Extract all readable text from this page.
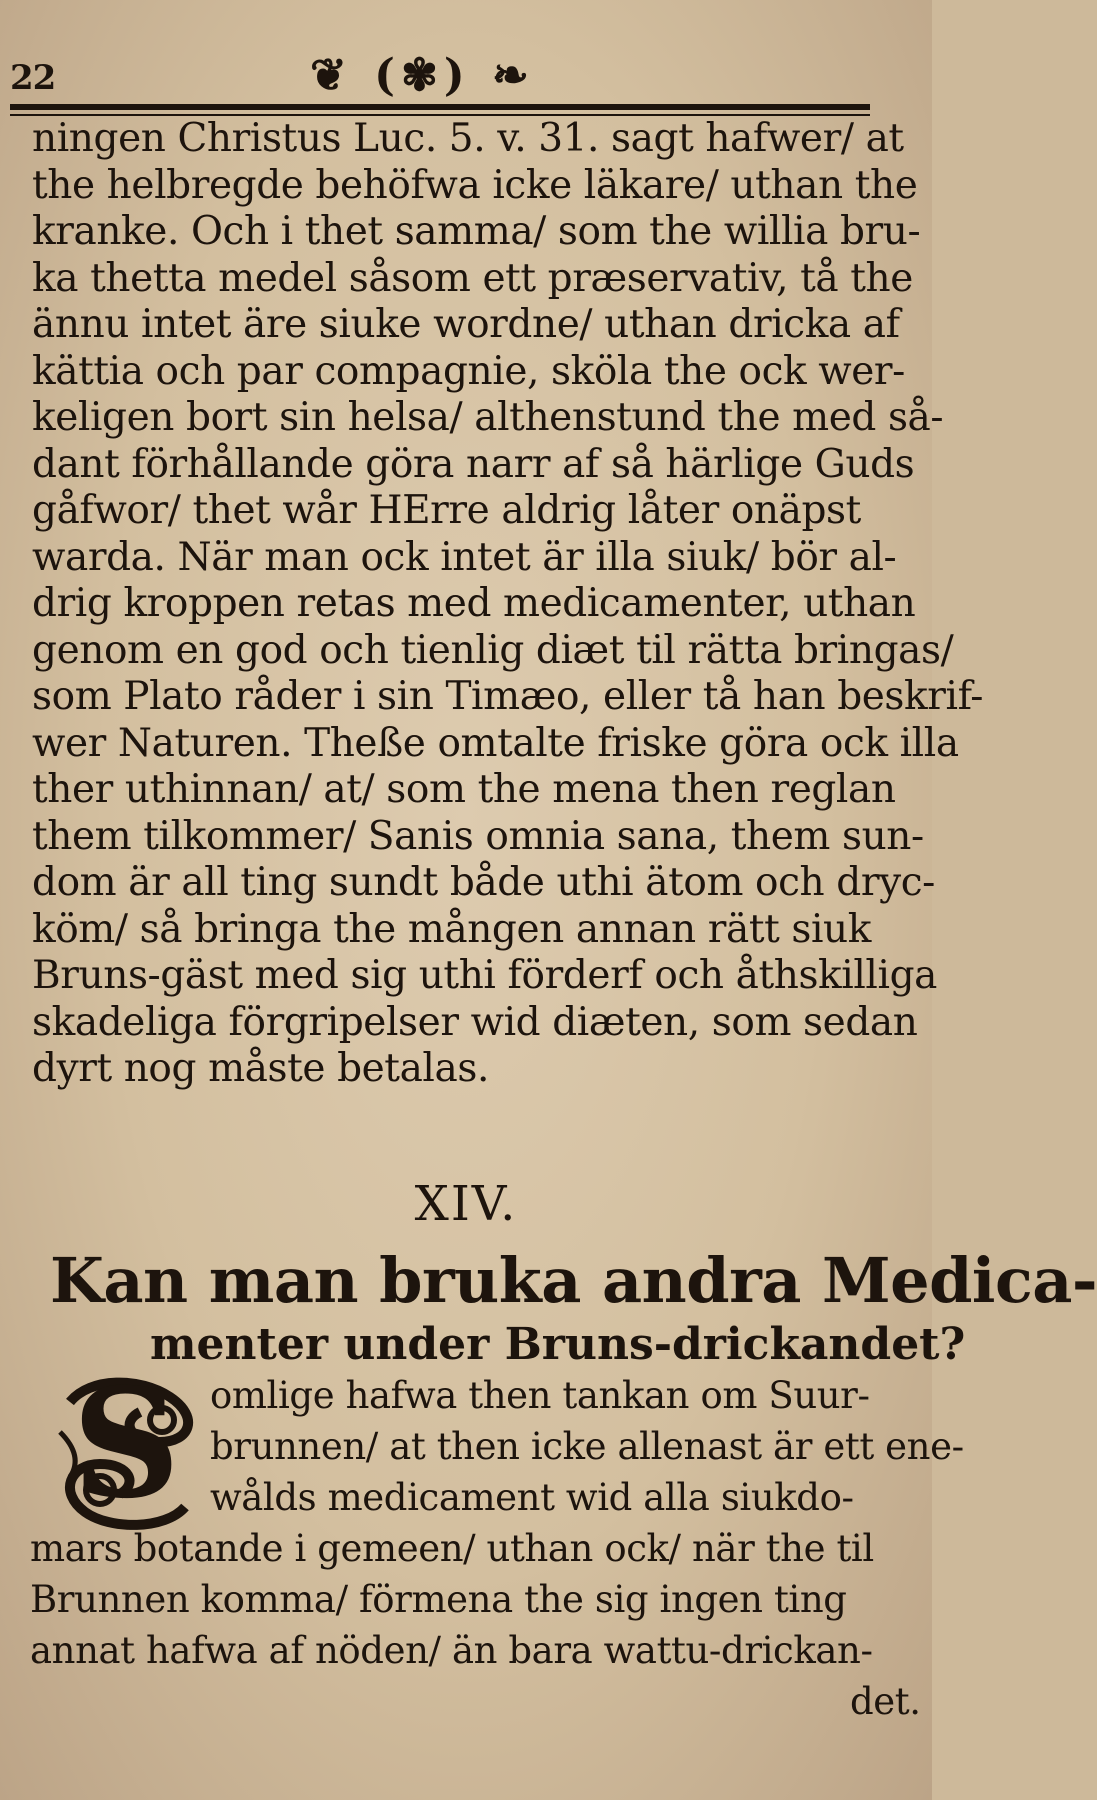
22	❦ (✾) ❧
ningen Christus Luc. 5. v. 31. sagt hafwer/ at
the helbregde behöfwa icke läkare/ uthan the
kranke. Och i thet samma/ som the willia bru-
ka thetta medel såsom ett præservativ, tå the
ännu intet äre siuke wordne/ uthan dricka af
kättia och par compagnie, sköla the ock wer-
keligen bort sin helsa/ althenstund the med så-
dant förhållande göra narr af så härlige Guds
gåfwor/ thet wår HErre aldrig låter onäpst
warda. När man ock intet är illa siuk/ bör al-
drig kroppen retas med medicamenter, uthan
genom en god och tienlig diæt til rätta bringas/
som Plato råder i sin Timæo, eller tå han beskrif-
wer Naturen. Theße omtalte friske göra ock illa
ther uthinnan/ at/ som the mena then reglan
them tilkommer/ Sanis omnia sana, them sun-
dom är all ting sundt både uthi ätom och dryc-
köm/ så bringa the mången annan rätt siuk
Bruns-gäst med sig uthi förderf och åthskilliga
skadeliga förgripelser wid diæten, som sedan
dyrt nog måste betalas.
XIV.
Kan man bruka andra Medica-
menter under Bruns-drickandet?
S omlige hafwa then tankan om Suur-
brunnen/ at then icke allenast är ett ene-
wålds medicament wid alla siukdo-
mars botande i gemeen/ uthan ock/ när the til
Brunnen komma/ förmena the sig ingen ting
annat hafwa af nöden/ än bara wattu-drickan-
det.
